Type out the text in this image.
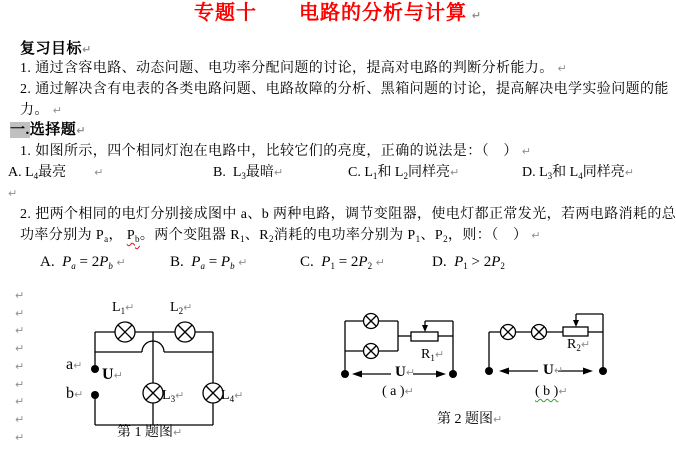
专题十　　电路的分析与计算 ↵
复习目标↵
1. 通过含容电路、动态问题、电功率分配问题的讨论，提高对电路的判断分析能力。 ↵
2. 通过解决含有电表的各类电路问题、电路故障的分析、黑箱问题的讨论，提高解决电学实验问题的能
力。 ↵
一.选择题↵
1. 如图所示，四个相同灯泡在电路中，比较它们的亮度，正确的说法是：（　） ↵
A. $L_4$最亮　　	↵	B.  $L_3$最暗↵	C. $L_1$和 $L_2$同样亮↵	D. $L_3$和 $L_4$同样亮↵
↵
2. 把两个相同的电灯分别接成图中 a、b 两种电路，调节变阻器，使电灯都正常发光，若两电路消耗的总
功率分别为 $P_a$， $P_b$。两个变阻器 $R_1$、$R_2$消耗的电功率分别为 $P_1$、$P_2$，则：（　） ↵
A.  $P_a = 2P_b$ ↵	B.  $P_a = P_b$ ↵	C.  $P_1 = 2P_2$ ↵	D.  $P_1 > 2P_2$
↵
↵
↵
↵
↵
↵
↵
↵
↵
$L_1↵$	$L_2↵$
a↵
U↵
b↵	$L_3↵$	$L_4↵$
第 1 题图↵
$R_1↵$
U↵
( a )↵
$R_2↵$
U↵
( b )↵
第 2 题图↵
